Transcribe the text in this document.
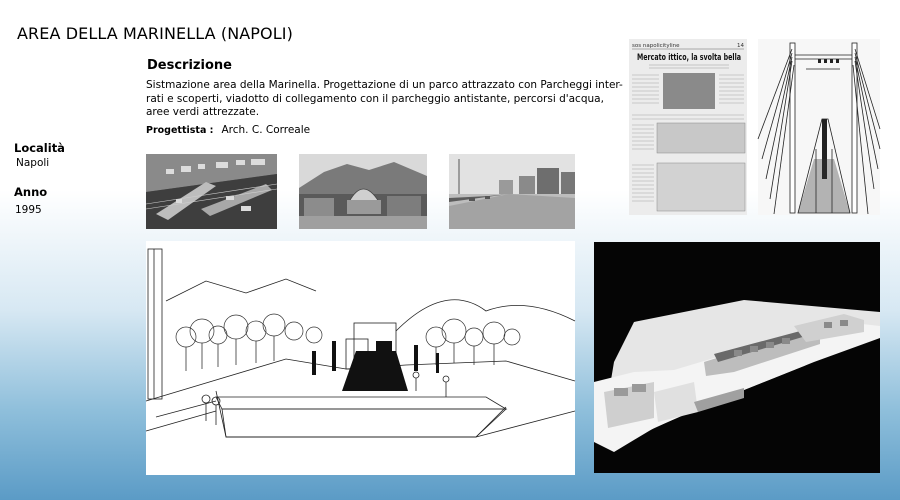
AREA DELLA MARINELLA (NAPOLI)
Descrizione
Sistmazione area della Marinella. Progettazione di un parco attrazzato con Parcheggi inter-rati e scoperti, viadotto di collegamento con il parcheggio antistante, percorsi d'acqua, aree verdi attrezzate.
Progettista : Arch. C. Correale
Località
Napoli
Anno
1995
sos napolicityline	14
Mercato ittico, la svolta bella
